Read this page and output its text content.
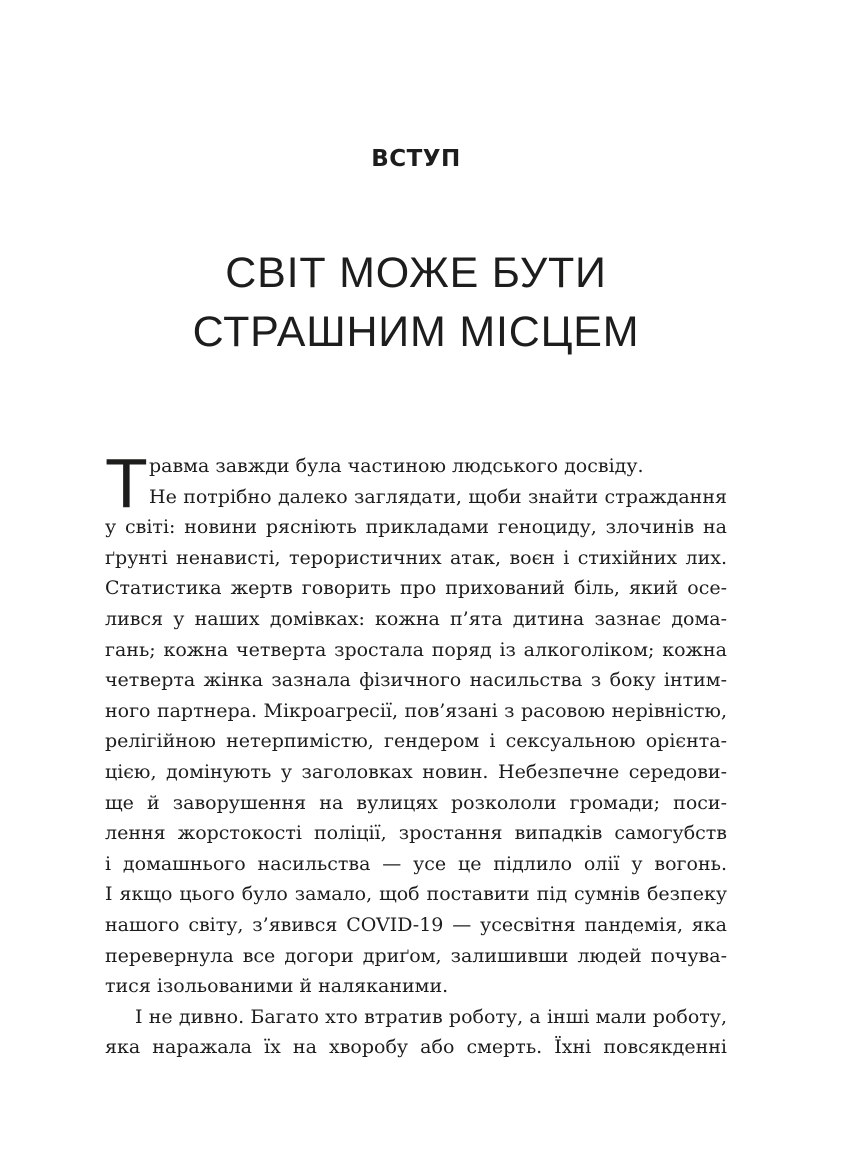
ВСТУП
СВІТ МОЖЕ БУТИ
СТРАШНИМ МІСЦЕМ
Т равма завжди була частиною людського досвіду.
Не потрібно далеко заглядати, щоби знайти страждання
у світі: новини рясніють прикладами геноциду, злочинів на
ґрунті ненависті, терористичних атак, воєн і стихійних лих.
Статистика жертв говорить про прихований біль, який осе-
лився у наших домівках: кожна п’ята дитина зазнає дома-
гань; кожна четверта зростала поряд із алкоголіком; кожна
четверта жінка зазнала фізичного насильства з боку інтим-
ного партнера. Мікроагресії, пов’язані з расовою нерівністю,
релігійною нетерпимістю, гендером і сексуальною орієнта-
цією, домінують у заголовках новин. Небезпечне середови-
ще й заворушення на вулицях розкололи громади; поси-
лення жорстокості поліції, зростання випадків самогубств
і домашнього насильства — усе це підлило олії у вогонь.
І якщо цього було замало, щоб поставити під сумнів безпеку
нашого світу, з’явився COVID-19 — усесвітня пандемія, яка
перевернула все догори дриґом, залишивши людей почува-
тися ізольованими й наляканими.
І не дивно. Багато хто втратив роботу, а інші мали роботу,
яка наражала їх на хворобу або смерть. Їхні повсякденні
